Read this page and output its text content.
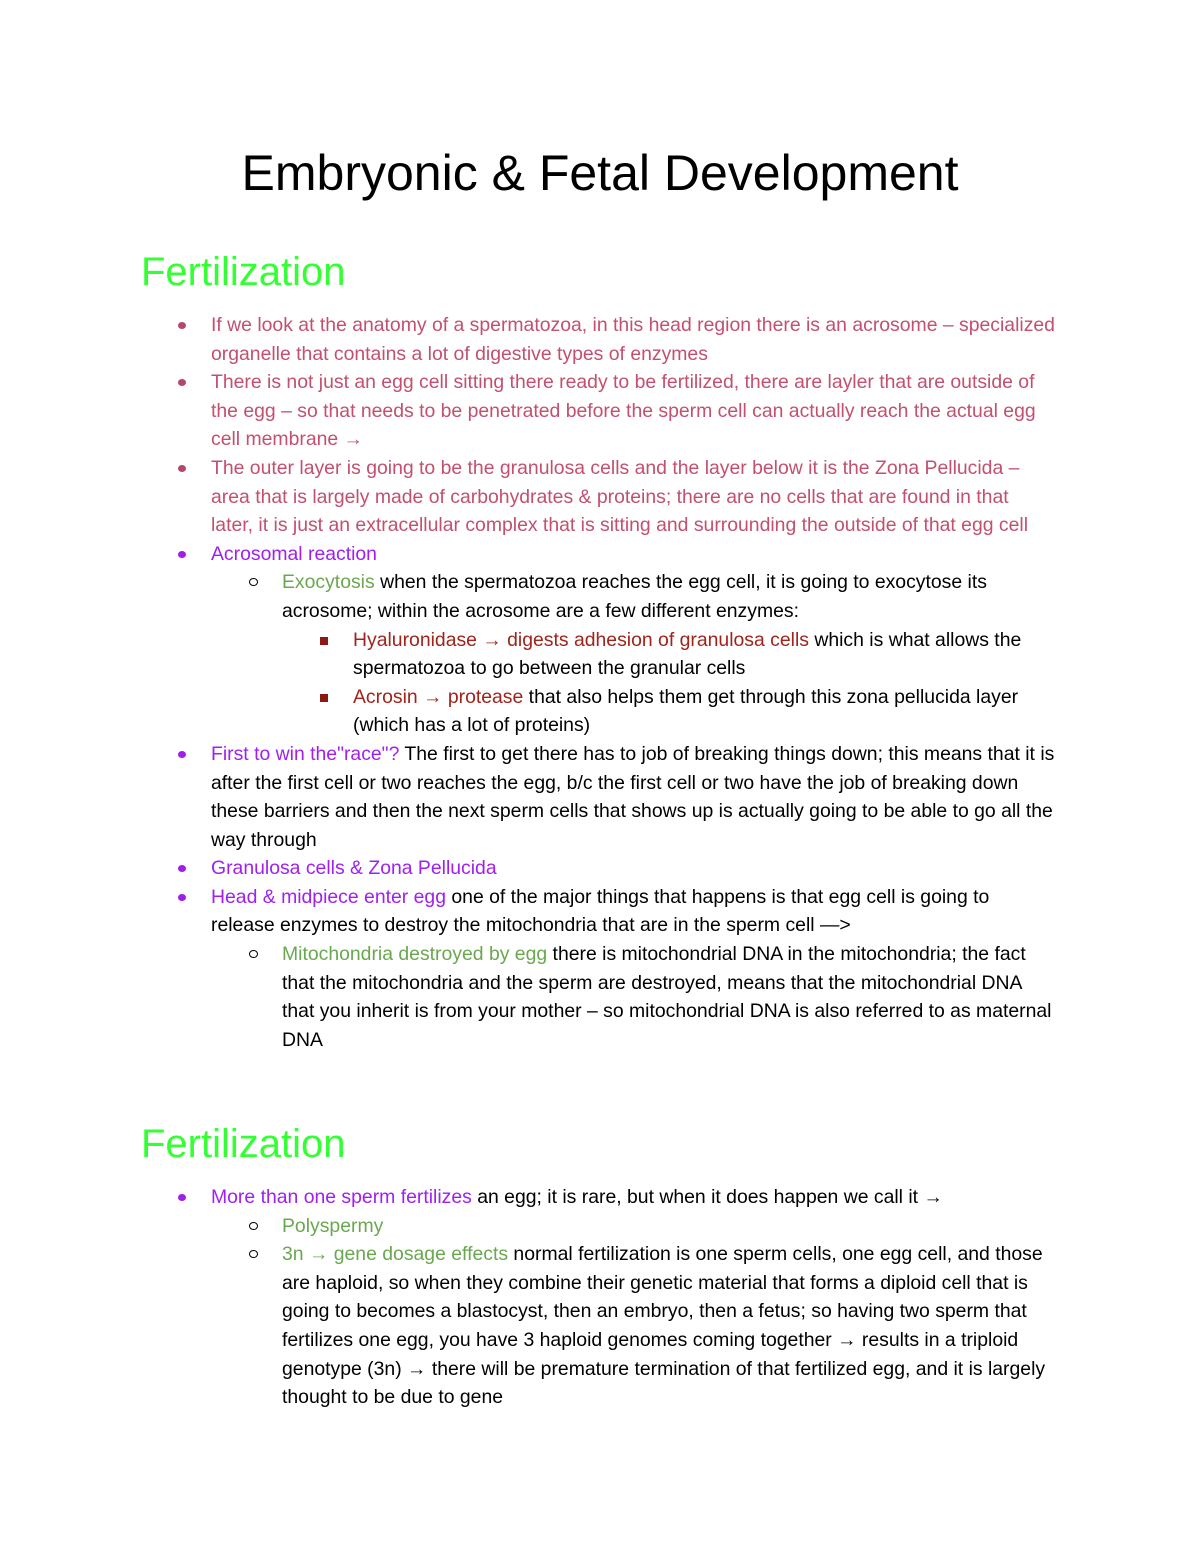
Embryonic & Fetal Development
Fertilization
If we look at the anatomy of a spermatozoa, in this head region there is an acrosome – specialized organelle that contains a lot of digestive types of enzymes
There is not just an egg cell sitting there ready to be fertilized, there are layler that are outside of the egg – so that needs to be penetrated before the sperm cell can actually reach the actual egg cell membrane →
The outer layer is going to be the granulosa cells and the layer below it is the Zona Pellucida – area that is largely made of carbohydrates & proteins; there are no cells that are found in that later, it is just an extracellular complex that is sitting and surrounding the outside of that egg cell
Acrosomal reaction
Exocytosis when the spermatozoa reaches the egg cell, it is going to exocytose its acrosome; within the acrosome are a few different enzymes:
Hyaluronidase → digests adhesion of granulosa cells which is what allows the spermatozoa to go between the granular cells
Acrosin → protease that also helps them get through this zona pellucida layer (which has a lot of proteins)
First to win the"race"? The first to get there has to job of breaking things down; this means that it is after the first cell or two reaches the egg, b/c the first cell or two have the job of breaking down these barriers and then the next sperm cells that shows up is actually going to be able to go all the way through
Granulosa cells & Zona Pellucida
Head & midpiece enter egg one of the major things that happens is that egg cell is going to release enzymes to destroy the mitochondria that are in the sperm cell —>
Mitochondria destroyed by egg there is mitochondrial DNA in the mitochondria; the fact that the mitochondria and the sperm are destroyed, means that the mitochondrial DNA that you inherit is from your mother – so mitochondrial DNA is also referred to as maternal DNA
Fertilization
More than one sperm fertilizes an egg; it is rare, but when it does happen we call it →
Polyspermy
3n → gene dosage effects normal fertilization is one sperm cells, one egg cell, and those are haploid, so when they combine their genetic material that forms a diploid cell that is going to becomes a blastocyst, then an embryo, then a fetus; so having two sperm that fertilizes one egg, you have 3 haploid genomes coming together → results in a triploid genotype (3n) → there will be premature termination of that fertilized egg, and it is largely thought to be due to gene
